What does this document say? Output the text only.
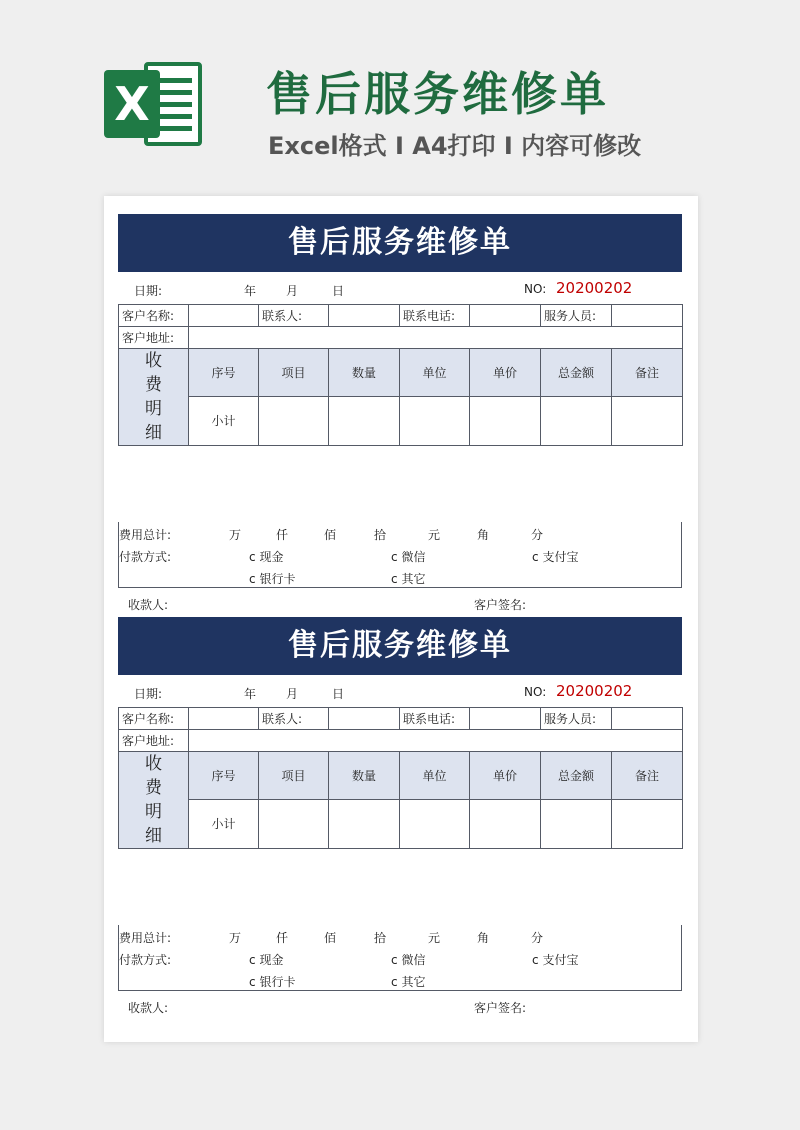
X	售后服务维修单
Excel格式 I A4打印 I 内容可修改
售后服务维修单
日期:	年 月	日	NO: 20200202
客户名称:		联系人:		联系电话:		服务人员:	
客户地址:							
收费明细	序号	项目	数量	单位	单价	总金额	备注
	小计						
费用总计:	万	仟	佰	拾	元	角	分
付款方式:	c 现金	c 微信	c 支付宝
c 银行卡	c 其它
收款人:	客户签名:
售后服务维修单
日期:	年 月	日	NO: 20200202
客户名称:		联系人:		联系电话:		服务人员:	
客户地址:							
收费明细	序号	项目	数量	单位	单价	总金额	备注
	小计						
费用总计:	万	仟	佰	拾	元	角	分
付款方式:	c 现金	c 微信	c 支付宝
c 银行卡	c 其它
收款人:	客户签名:
